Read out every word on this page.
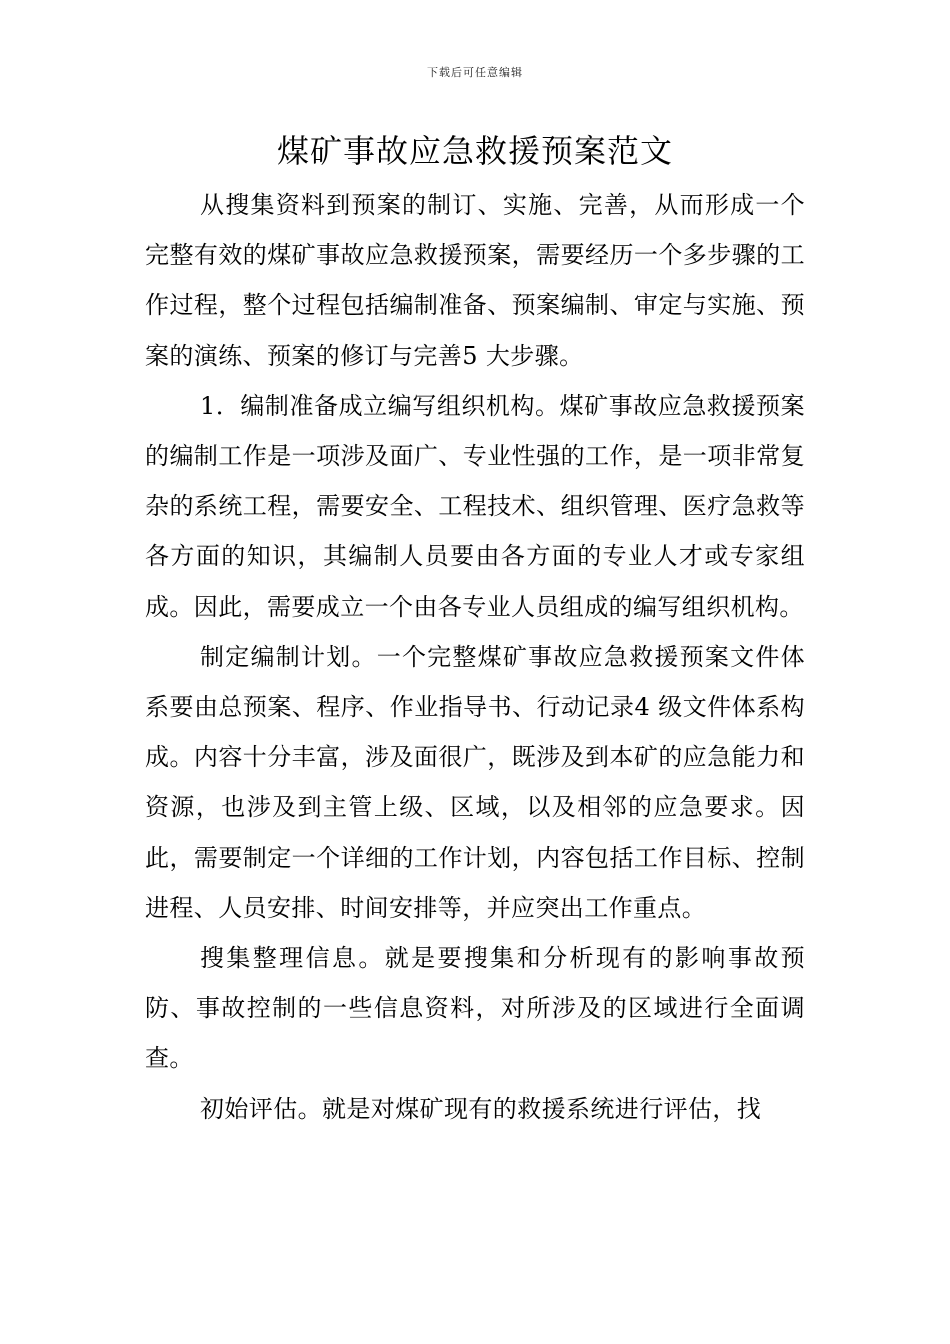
下载后可任意编辑
煤矿事故应急救援预案范文

从搜集资料到预案的制订、实施、完善，从而形成一个完整有效的煤矿事故应急救援预案，需要经历一个多步骤的工作过程，整个过程包括编制准备、预案编制、审定与实施、预案的演练、预案的修订与完善5 大步骤。

1．编制准备成立编写组织机构。煤矿事故应急救援预案的编制工作是一项涉及面广、专业性强的工作，是一项非常复杂的系统工程，需要安全、工程技术、组织管理、医疗急救等各方面的知识，其编制人员要由各方面的专业人才或专家组成。因此，需要成立一个由各专业人员组成的编写组织机构。

制定编制计划。一个完整煤矿事故应急救援预案文件体系要由总预案、程序、作业指导书、行动记录4 级文件体系构成。内容十分丰富，涉及面很广，既涉及到本矿的应急能力和资源，也涉及到主管上级、区域，以及相邻的应急要求。因此，需要制定一个详细的工作计划，内容包括工作目标、控制进程、人员安排、时间安排等，并应突出工作重点。

搜集整理信息。就是要搜集和分析现有的影响事故预防、事故控制的一些信息资料，对所涉及的区域进行全面调查。

初始评估。就是对煤矿现有的救援系统进行评估，找
